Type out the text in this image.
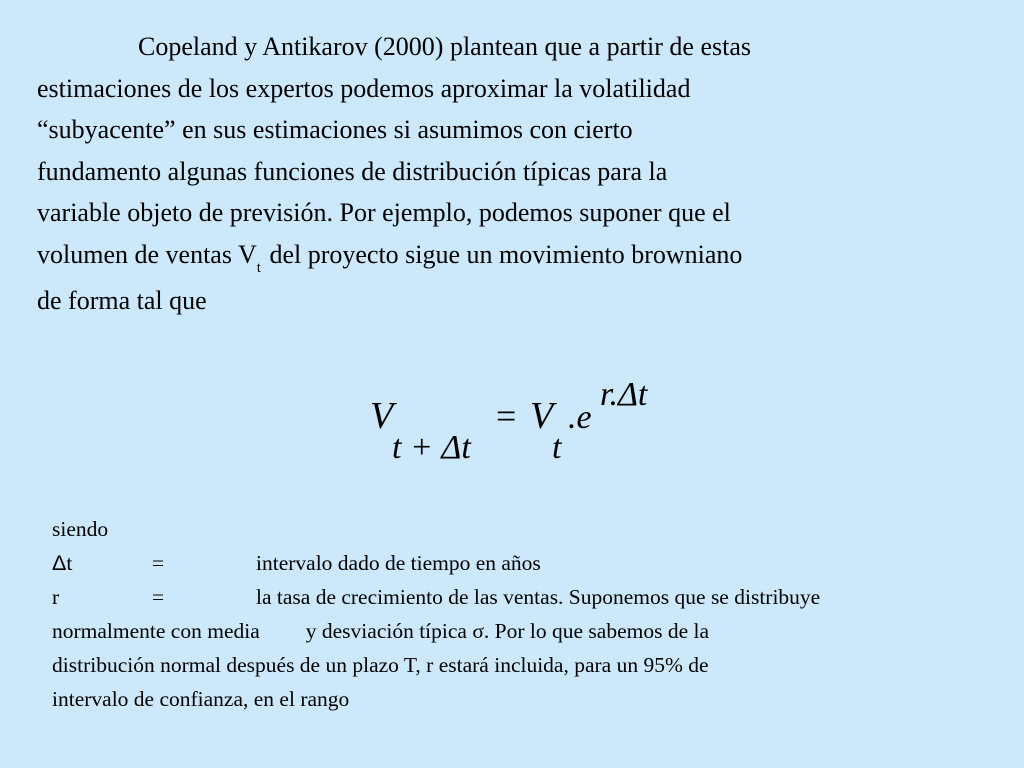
Copeland y Antikarov (2000) plantean que a partir de estas
estimaciones de los expertos podemos aproximar la volatilidad
“subyacente” en sus estimaciones si asumimos con cierto
fundamento algunas funciones de distribución típicas para la
variable objeto de previsión. Por ejemplo, podemos suponer que el
volumen de ventas $V_t$ del proyecto sigue un movimiento browniano
de forma tal que
V
t + Δt
= V
t
.e
r.Δt
siendo
Δt	=	intervalo dado de tiempo en años
r	=	la tasa de crecimiento de las ventas. Suponemos que se distribuye
normalmente con media y desviación típica σ. Por lo que sabemos de la
distribución normal después de un plazo T, r estará incluida, para un 95% de
intervalo de confianza, en el rango
